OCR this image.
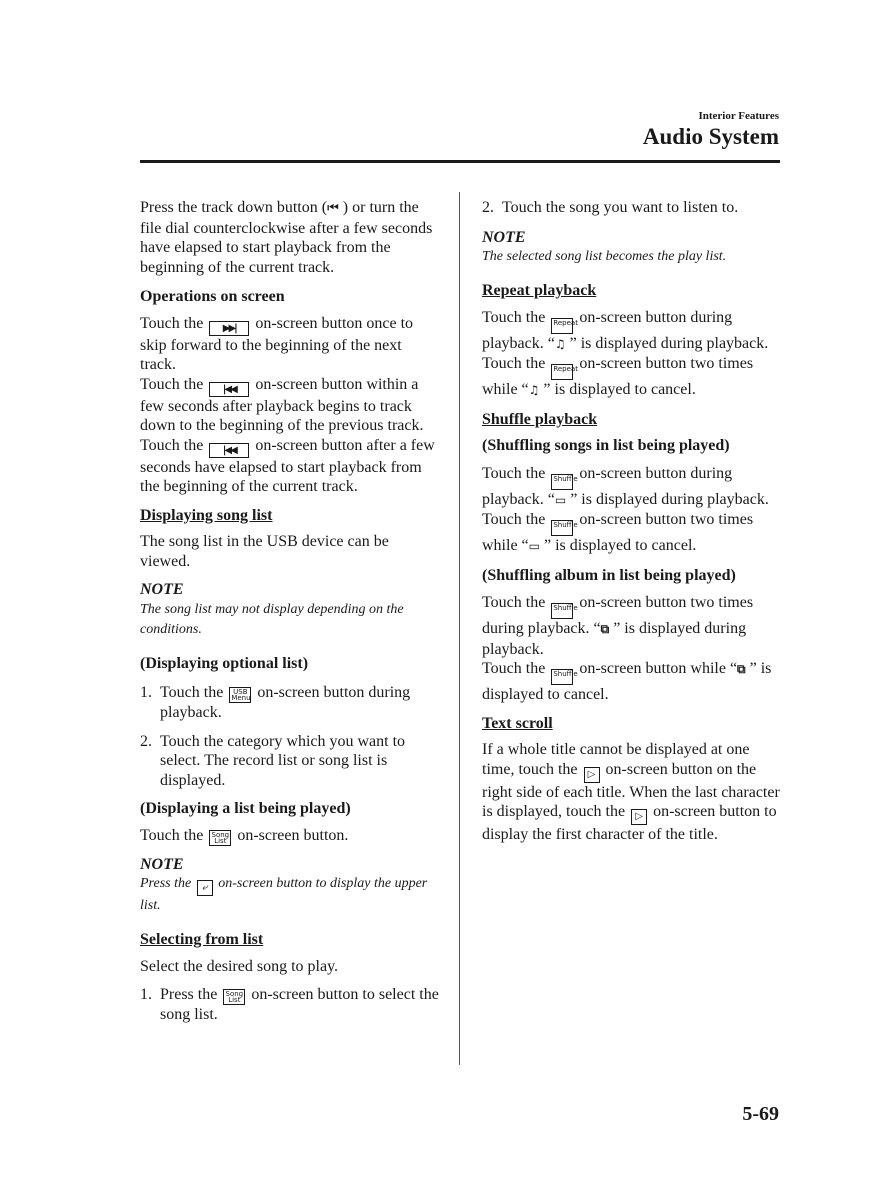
Interior Features
Audio System

Press the track down button (⏮ ) or turn the file dial counterclockwise after a few seconds have elapsed to start playback from the beginning of the current track.

Operations on screen

Touch the ▶▶| on-screen button once to skip forward to the beginning of the next track.
Touch the |◀◀ on-screen button within a few seconds after playback begins to track down to the beginning of the previous track.
Touch the |◀◀ on-screen button after a few seconds have elapsed to start playback from the beginning of the current track.

Displaying song list

The song list in the USB device can be viewed.

NOTE

The song list may not display depending on the conditions.

(Displaying optional list)

1. Touch the USB Menu on-screen button during playback.
2. Touch the category which you want to select. The record list or song list is displayed.

(Displaying a list being played)

Touch the Song List on-screen button.

NOTE

Press the ⤶ on-screen button to display the upper list.

Selecting from list

Select the desired song to play.

1. Press the Song List on-screen button to select the song list.
2. Touch the song you want to listen to.

NOTE

The selected song list becomes the play list.

Repeat playback

Touch the Repeat on-screen button during playback. “♫ ” is displayed during playback.
Touch the Repeat on-screen button two times while “♫ ” is displayed to cancel.

Shuffle playback

(Shuffling songs in list being played)

Touch the Shuffle on-screen button during playback. “▭ ” is displayed during playback.
Touch the Shuffle on-screen button two times while “▭ ” is displayed to cancel.

(Shuffling album in list being played)

Touch the Shuffle on-screen button two times during playback. “⧉ ” is displayed during playback.
Touch the Shuffle on-screen button while “⧉ ” is displayed to cancel.

Text scroll

If a whole title cannot be displayed at one time, touch the ▷ on-screen button on the right side of each title. When the last character is displayed, touch the ▷ on-screen button to display the first character of the title.

5-69
